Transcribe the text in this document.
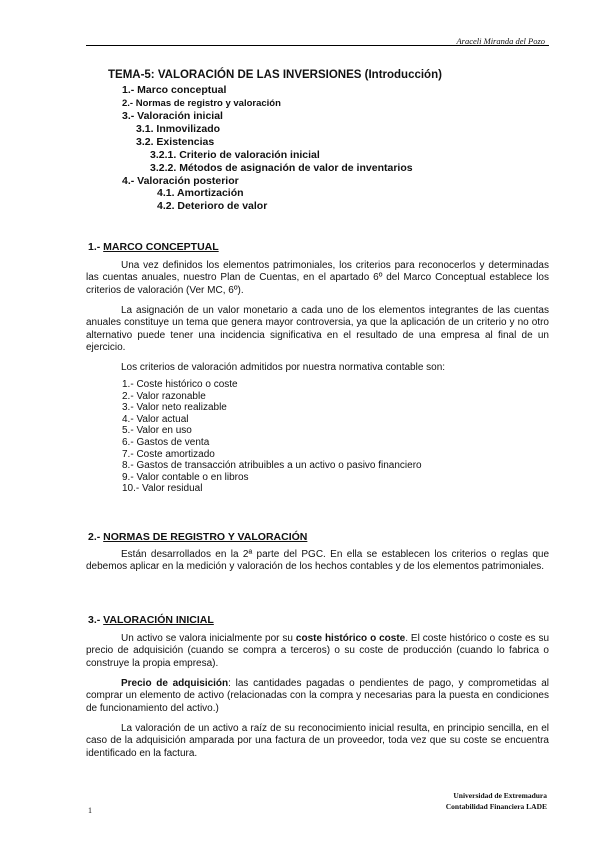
Araceli Miranda del Pozo
TEMA-5: VALORACIÓN DE LAS INVERSIONES (Introducción)
1.- Marco conceptual
2.- Normas de registro y valoración
3.- Valoración inicial
3.1. Inmovilizado
3.2. Existencias
3.2.1. Criterio de valoración inicial
3.2.2. Métodos de asignación de valor de inventarios
4.- Valoración posterior
4.1. Amortización
4.2. Deterioro de valor
1.- MARCO CONCEPTUAL
Una vez definidos los elementos patrimoniales, los criterios para reconocerlos y determinadas las cuentas anuales, nuestro Plan de Cuentas, en el apartado 6º del Marco Conceptual establece los criterios de valoración (Ver MC, 6º).
La asignación de un valor monetario a cada uno de los elementos integrantes de las cuentas anuales constituye un tema que genera mayor controversia, ya que la aplicación de un criterio y no otro alternativo puede tener una incidencia significativa en el resultado de una empresa al final de un ejercicio.
Los criterios de valoración admitidos por nuestra normativa contable son:
1.- Coste histórico o coste
2.- Valor razonable
3.- Valor neto realizable
4.- Valor actual
5.- Valor en uso
6.- Gastos de venta
7.- Coste amortizado
8.- Gastos de transacción atribuibles a un activo o pasivo financiero
9.- Valor contable o en libros
10.- Valor residual
2.- NORMAS DE REGISTRO Y VALORACIÓN
Están desarrollados en la 2ª parte del PGC. En ella se establecen los criterios o reglas que debemos aplicar en la medición y valoración de los hechos contables y de los elementos patrimoniales.
3.- VALORACIÓN INICIAL
Un activo se valora inicialmente por su coste histórico o coste. El coste histórico o coste es su precio de adquisición (cuando se compra a terceros) o su coste de producción (cuando lo fabrica o construye la propia empresa).
Precio de adquisición: las cantidades pagadas o pendientes de pago, y comprometidas al comprar un elemento de activo (relacionadas con la compra y necesarias para la puesta en condiciones de funcionamiento del activo.)
La valoración de un activo a raíz de su reconocimiento inicial resulta, en principio sencilla, en el caso de la adquisición amparada por una factura de un proveedor, toda vez que su coste se encuentra identificado en la factura.
1
Universidad de Extremadura
Contabilidad Financiera LADE
